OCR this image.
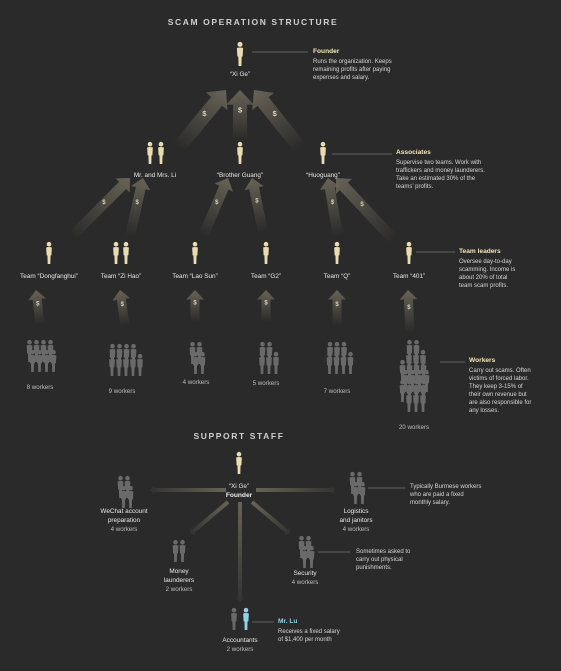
$	$	$
$	$	$
$	$	$
$	$	$	$	$	$
SCAM OPERATION STRUCTURE
SUPPORT STAFF
“Xi Ge”
Mr. and Mrs. Li	“Brother Guang”	“Huoguang”
Team “Dongfanghui”	Team “Zi Hao”	Team “Lao Sun”	Team “G2”	Team “Q”	Team “401”
8 workers
9 workers
4 workers	5 workers
7 workers
20 workers
Founder
Runs the organization. Keeps
remaining profits after paying
expenses and salary.
Associates
Supervise two teams. Work with
traffickers and money launderers.
Take an estimated 30% of the
teams’ profits.
Team leaders
Oversee day-to-day
scamming. Income is
about 20% of total
team scam profits.
Workers
Carry out scams. Often
victims of forced labor.
They keep 3-15% of
their own revenue but
are also responsible for
any losses.
“Xi Ge”
Founder
WeChat account
preparation
4 workers
Logistics
and janitors
4 workers
Money
launderers
2 workers
Security
4 workers
Accountants
2 workers
Typically Burmese workers
who are paid a fixed
monthly salary.
Sometimes asked to
carry out physical
punishments.
Mr. Lu
Receives a fixed salary
of $1,400 per month
